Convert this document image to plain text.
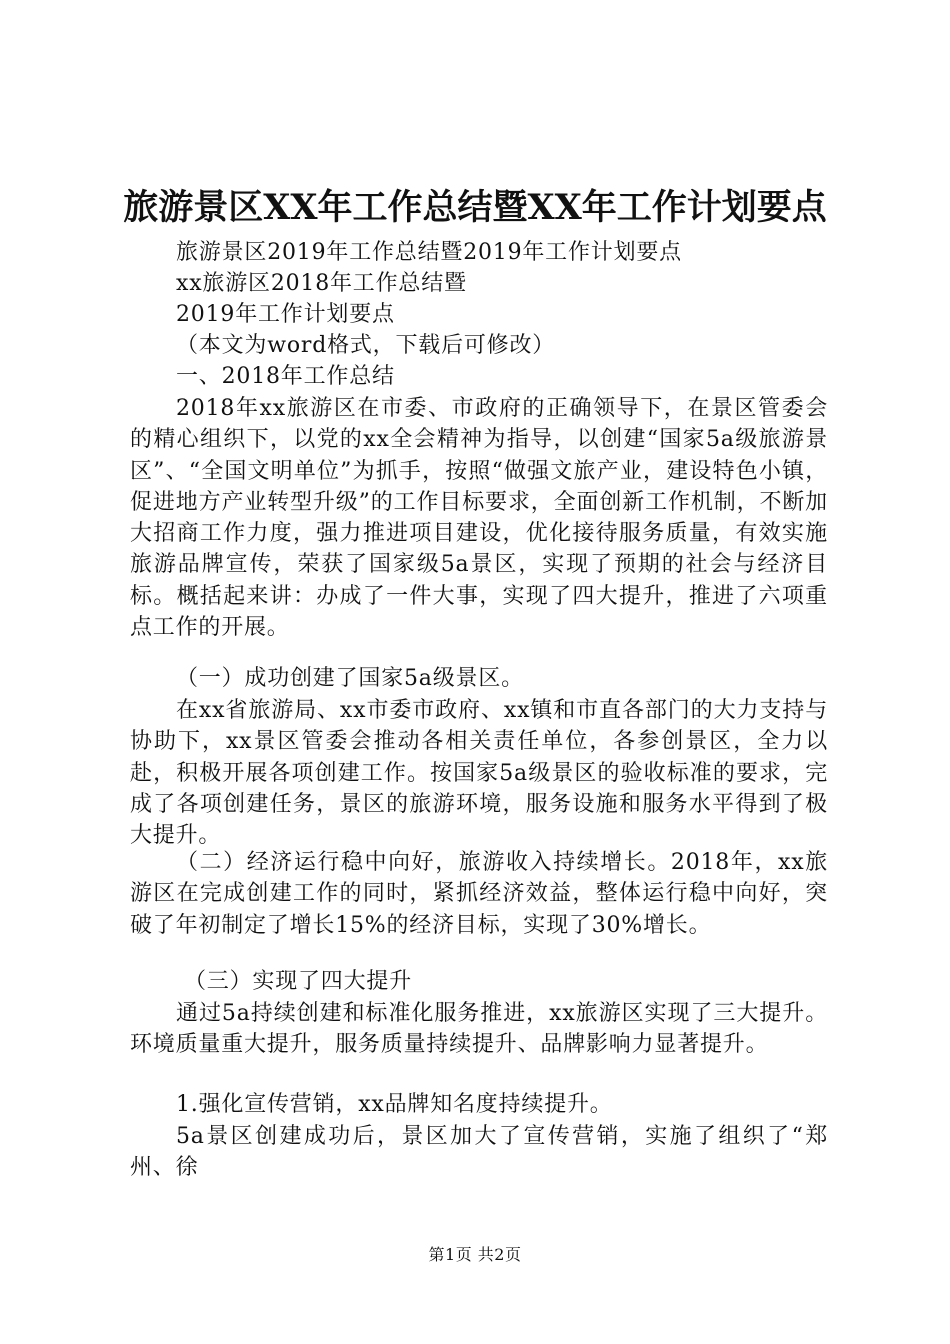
旅游景区XX年工作总结暨XX年工作计划要点

旅游景区2019年工作总结暨2019年工作计划要点

xx旅游区2018年工作总结暨

2019年工作计划要点

（本文为word格式，下载后可修改）

一、2018年工作总结

2018年xx旅游区在市委、市政府的正确领导下，在景区管委会的精心组织下，以党的xx全会精神为指导，以创建“国家5a级旅游景区”、“全国文明单位”为抓手，按照“做强文旅产业，建设特色小镇，促进地方产业转型升级”的工作目标要求，全面创新工作机制，不断加大招商工作力度，强力推进项目建设，优化接待服务质量，有效实施旅游品牌宣传，荣获了国家级5a景区，实现了预期的社会与经济目标。概括起来讲：办成了一件大事，实现了四大提升，推进了六项重点工作的开展。

（一）成功创建了国家5a级景区。

在xx省旅游局、xx市委市政府、xx镇和市直各部门的大力支持与协助下，xx景区管委会推动各相关责任单位，各参创景区，全力以赴，积极开展各项创建工作。按国家5a级景区的验收标准的要求，完成了各项创建任务，景区的旅游环境，服务设施和服务水平得到了极大提升。

（二）经济运行稳中向好，旅游收入持续增长。2018年，xx旅游区在完成创建工作的同时，紧抓经济效益，整体运行稳中向好，突破了年初制定了增长15%的经济目标，实现了30%增长。

（三）实现了四大提升

通过5a持续创建和标准化服务推进，xx旅游区实现了三大提升。环境质量重大提升，服务质量持续提升、品牌影响力显著提升。

1.强化宣传营销，xx品牌知名度持续提升。

5a景区创建成功后，景区加大了宣传营销，实施了组织了“郑州、徐

第1页 共2页
